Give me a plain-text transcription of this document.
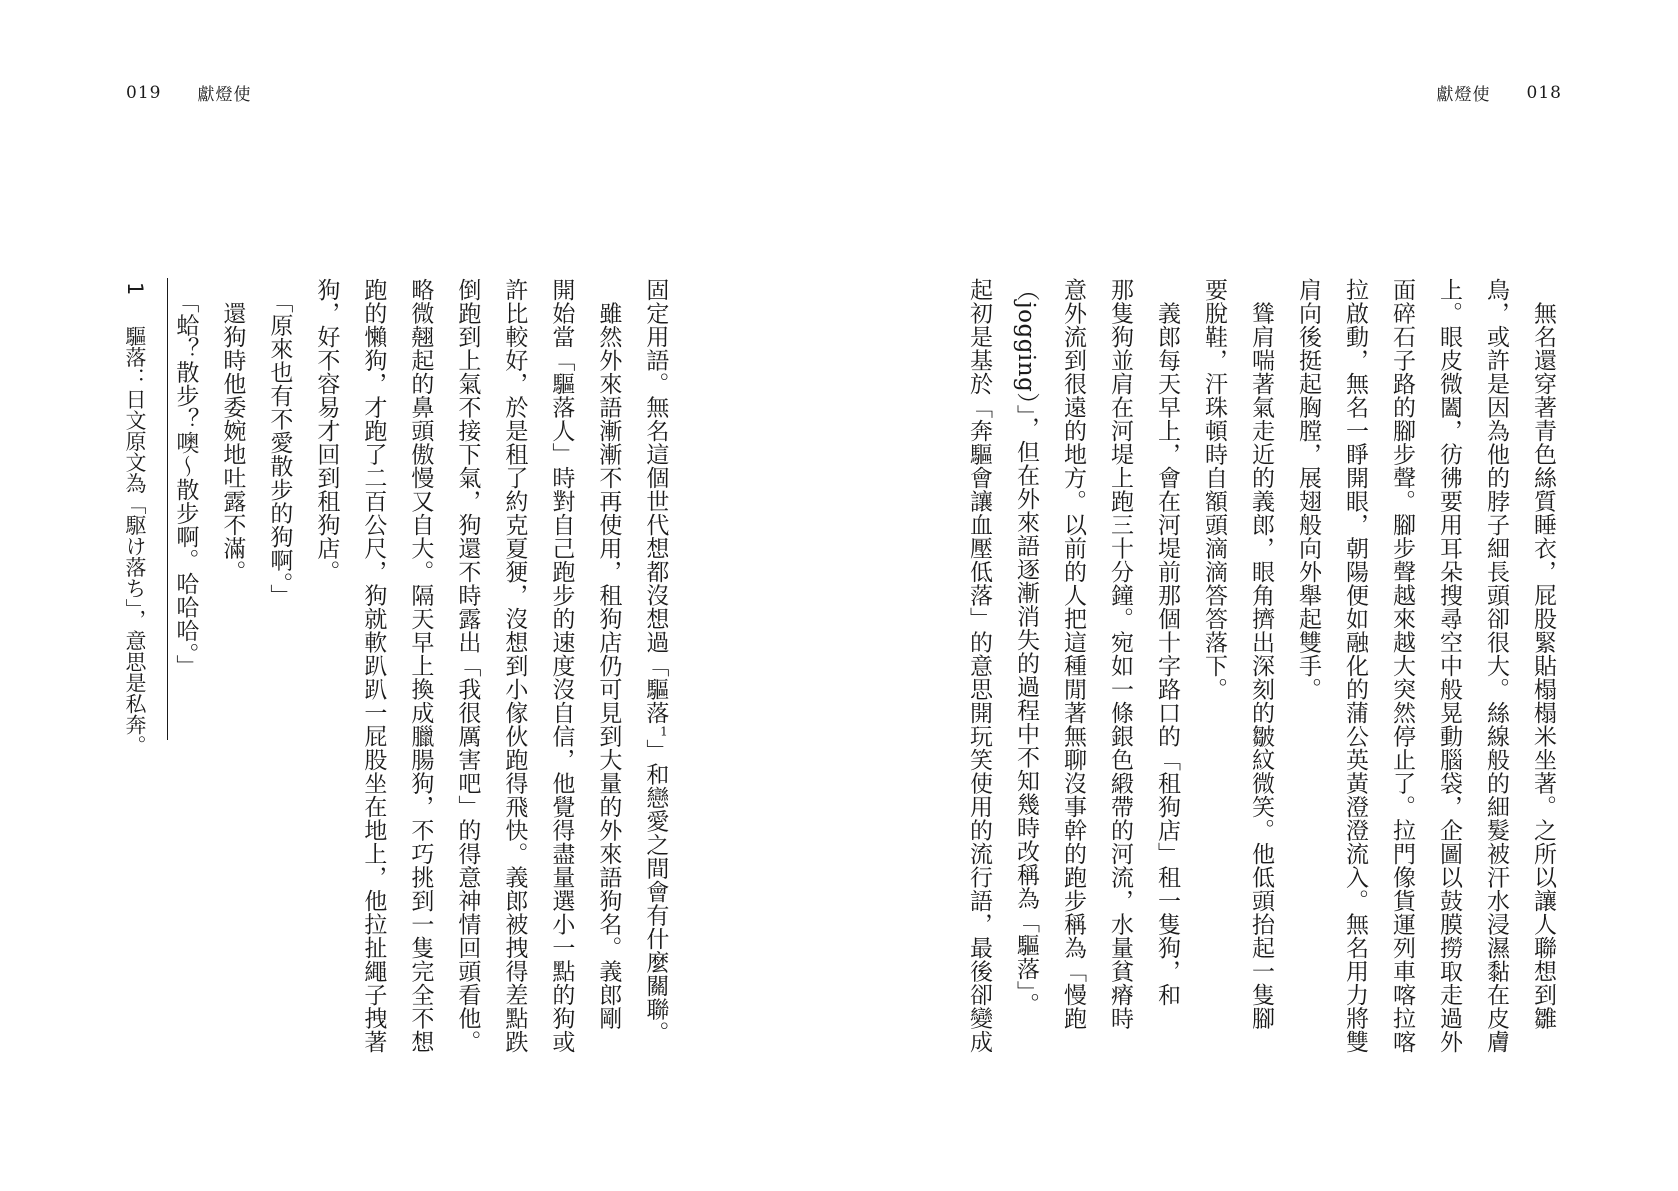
019 獻燈使

固定用語。無名這個世代想都沒想過「驅落$^1$」和戀愛之間會有什麼關聯。

　雖然外來語漸漸不再使用，租狗店仍可見到大量的外來語狗名。義郎剛

開始當「驅落人」時對自己跑步的速度沒自信，他覺得盡量選小一點的狗或

許比較好，於是租了約克夏㹴，沒想到小傢伙跑得飛快。義郎被拽得差點跌

倒跑到上氣不接下氣，狗還不時露出「我很厲害吧」的得意神情回頭看他。

略微翹起的鼻頭傲慢又自大。隔天早上換成臘腸狗，不巧挑到一隻完全不想

跑的懶狗，才跑了二百公尺，狗就軟趴趴一屁股坐在地上，他拉扯繩子拽著

狗，好不容易才回到租狗店。

　「原來也有不愛散步的狗啊。」

　還狗時他委婉地吐露不滿。

　「蛤？散步？噢～散步啊。哈哈哈。」

1 驅落：日文原文為「駆け落ち」，意思是私奔。
獻燈使 018

　無名還穿著青色絲質睡衣，屁股緊貼榻榻米坐著。之所以讓人聯想到雛

鳥，或許是因為他的脖子細長頭卻很大。絲線般的細髮被汗水浸濕黏在皮膚

上。眼皮微闔，彷彿要用耳朵搜尋空中般晃動腦袋，企圖以鼓膜撈取走過外

面碎石子路的腳步聲。腳步聲越來越大突然停止了。拉門像貨運列車喀拉喀

拉啟動，無名一睜開眼，朝陽便如融化的蒲公英黃澄澄流入。無名用力將雙

肩向後挺起胸膛，展翅般向外舉起雙手。

　聳肩喘著氣走近的義郎，眼角擠出深刻的皺紋微笑。他低頭抬起一隻腳

要脫鞋，汗珠頓時自額頭滴滴答答落下。

　義郎每天早上，會在河堤前那個十字路口的「租狗店」租一隻狗，和

那隻狗並肩在河堤上跑三十分鐘。宛如一條銀色緞帶的河流，水量貧瘠時

意外流到很遠的地方。以前的人把這種閒著無聊沒事幹的跑步稱為「慢跑

（jogging）」，但在外來語逐漸消失的過程中不知幾時改稱為「驅落」。

起初是基於「奔驅會讓血壓低落」的意思開玩笑使用的流行語，最後卻變成
